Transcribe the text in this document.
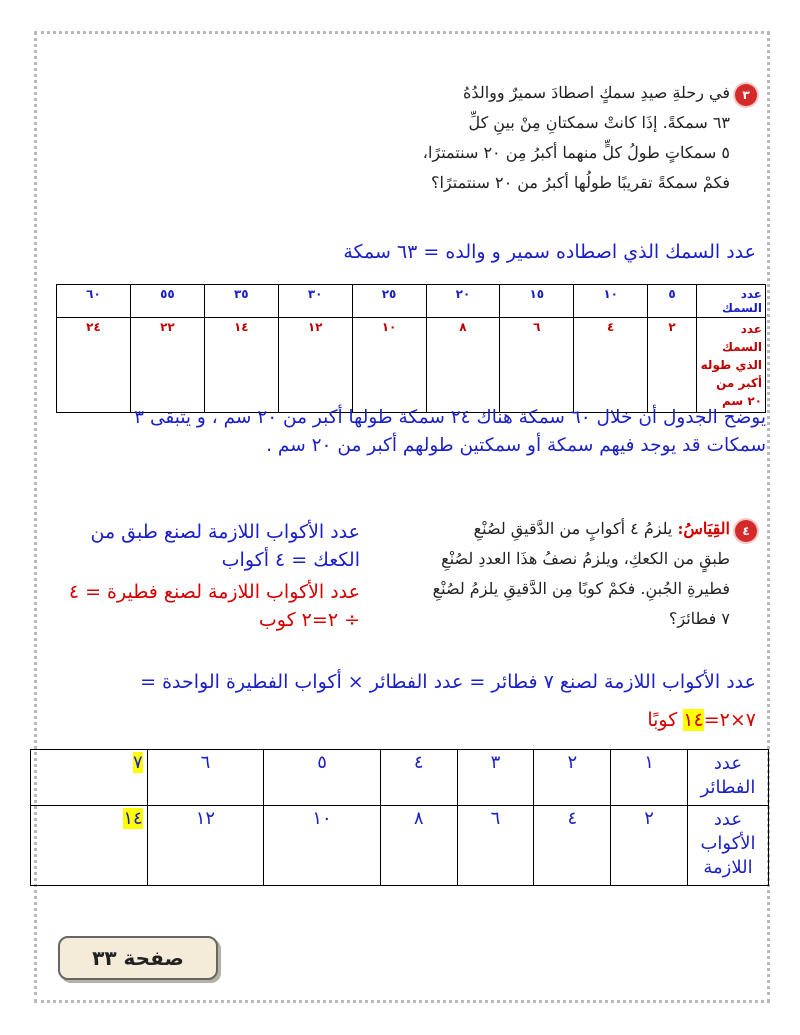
٣
في رحلةِ صيدِ سمكٍ اصطادَ سميرٌ ووالدُهُ
٦٣ سمكةً. إذَا كانتْ سمكتانِ مِنْ بينِ كلِّ
٥ سمكاتٍ طولُ كلٍّ منهما أكبرُ مِن ٢٠ سنتمترًا،
فكمْ سمكةً تقريبًا طولُها أكبرُ من ٢٠ سنتمترًا؟
عدد السمك الذي اصطاده سمير و والده = ٦٣ سمكة
عدد السمك	٥	١٠	١٥	٢٠	٢٥	٣٠	٣٥	٥٥	٦٠
عدد السمك الذي طوله أكبر من ٢٠ سم	٢	٤	٦	٨	١٠	١٢	١٤	٢٢	٢٤
يوضح الجدول أن خلال ٦٠ سمكة هناك ٢٤ سمكة طولها أكبر من ٢٠ سم ، و يتبقى ٣
سمكات قد يوجد فيهم سمكة أو سمكتين طولهم أكبر من ٢٠ سم .
٤
القِيَاسُ: يلزمُ ٤ أكوابٍ من الدَّقيقِ لصُنْعِ
طبقٍ من الكعكِ، ويلزمُ نصفُ هذَا العددِ لصُنْعِ
فطيرةِ الجُبنِ. فكمْ كوبًا مِن الدَّقيقِ يلزمُ لصُنْعِ
٧ فطائرَ؟
عدد الأكواب اللازمة لصنع طبق من
الكعك = ٤ أكواب
عدد الأكواب اللازمة لصنع فطيرة = ٤
÷ ٢=٢ كوب
عدد الأكواب اللازمة لصنع ٧ فطائر = عدد الفطائر × أكواب الفطيرة الواحدة =
٧×٢=١٤ كوبًا
عدد الفطائر	١	٢	٣	٤	٥	٦	٧
عدد الأكواب اللازمة	٢	٤	٦	٨	١٠	١٢	١٤
صفحة ٣٣
